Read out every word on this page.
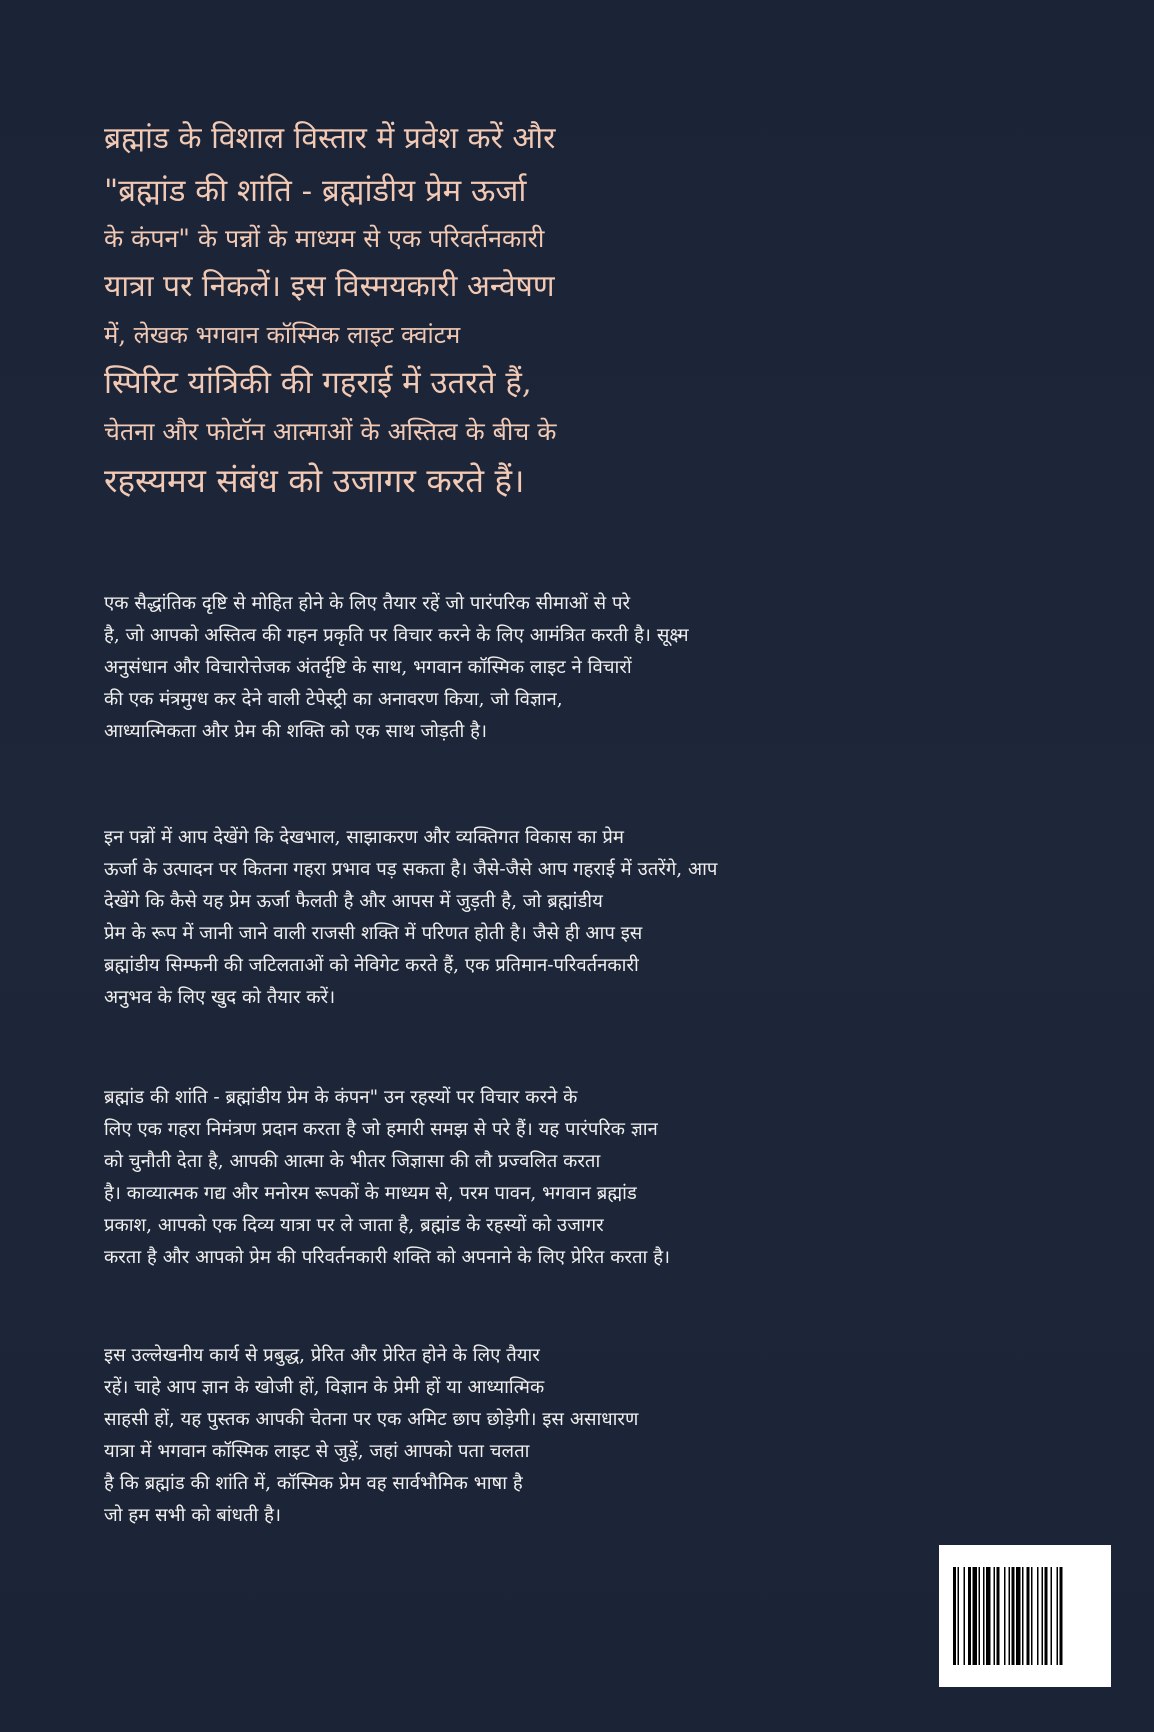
ब्रह्मांड के विशाल विस्तार में प्रवेश करें और
"ब्रह्मांड की शांति - ब्रह्मांडीय प्रेम ऊर्जा
के कंपन" के पन्नों के माध्यम से एक परिवर्तनकारी
यात्रा पर निकलें। इस विस्मयकारी अन्वेषण
में, लेखक भगवान कॉस्मिक लाइट क्वांटम
स्पिरिट यांत्रिकी की गहराई में उतरते हैं,
चेतना और फोटॉन आत्माओं के अस्तित्व के बीच के
रहस्यमय संबंध को उजागर करते हैं।
एक सैद्धांतिक दृष्टि से मोहित होने के लिए तैयार रहें जो पारंपरिक सीमाओं से परे
है, जो आपको अस्तित्व की गहन प्रकृति पर विचार करने के लिए आमंत्रित करती है। सूक्ष्म
अनुसंधान और विचारोत्तेजक अंतर्दृष्टि के साथ, भगवान कॉस्मिक लाइट ने विचारों
की एक मंत्रमुग्ध कर देने वाली टेपेस्ट्री का अनावरण किया, जो विज्ञान,
आध्यात्मिकता और प्रेम की शक्ति को एक साथ जोड़ती है।
इन पन्नों में आप देखेंगे कि देखभाल, साझाकरण और व्यक्तिगत विकास का प्रेम
ऊर्जा के उत्पादन पर कितना गहरा प्रभाव पड़ सकता है। जैसे-जैसे आप गहराई में उतरेंगे, आप
देखेंगे कि कैसे यह प्रेम ऊर्जा फैलती है और आपस में जुड़ती है, जो ब्रह्मांडीय
प्रेम के रूप में जानी जाने वाली राजसी शक्ति में परिणत होती है। जैसे ही आप इस
ब्रह्मांडीय सिम्फनी की जटिलताओं को नेविगेट करते हैं, एक प्रतिमान-परिवर्तनकारी
अनुभव के लिए खुद को तैयार करें।
ब्रह्मांड की शांति - ब्रह्मांडीय प्रेम के कंपन" उन रहस्यों पर विचार करने के
लिए एक गहरा निमंत्रण प्रदान करता है जो हमारी समझ से परे हैं। यह पारंपरिक ज्ञान
को चुनौती देता है, आपकी आत्मा के भीतर जिज्ञासा की लौ प्रज्वलित करता
है। काव्यात्मक गद्य और मनोरम रूपकों के माध्यम से, परम पावन, भगवान ब्रह्मांड
प्रकाश, आपको एक दिव्य यात्रा पर ले जाता है, ब्रह्मांड के रहस्यों को उजागर
करता है और आपको प्रेम की परिवर्तनकारी शक्ति को अपनाने के लिए प्रेरित करता है।
इस उल्लेखनीय कार्य से प्रबुद्ध, प्रेरित और प्रेरित होने के लिए तैयार
रहें। चाहे आप ज्ञान के खोजी हों, विज्ञान के प्रेमी हों या आध्यात्मिक
साहसी हों, यह पुस्तक आपकी चेतना पर एक अमिट छाप छोड़ेगी। इस असाधारण
यात्रा में भगवान कॉस्मिक लाइट से जुड़ें, जहां आपको पता चलता
है कि ब्रह्मांड की शांति में, कॉस्मिक प्रेम वह सार्वभौमिक भाषा है
जो हम सभी को बांधती है।
